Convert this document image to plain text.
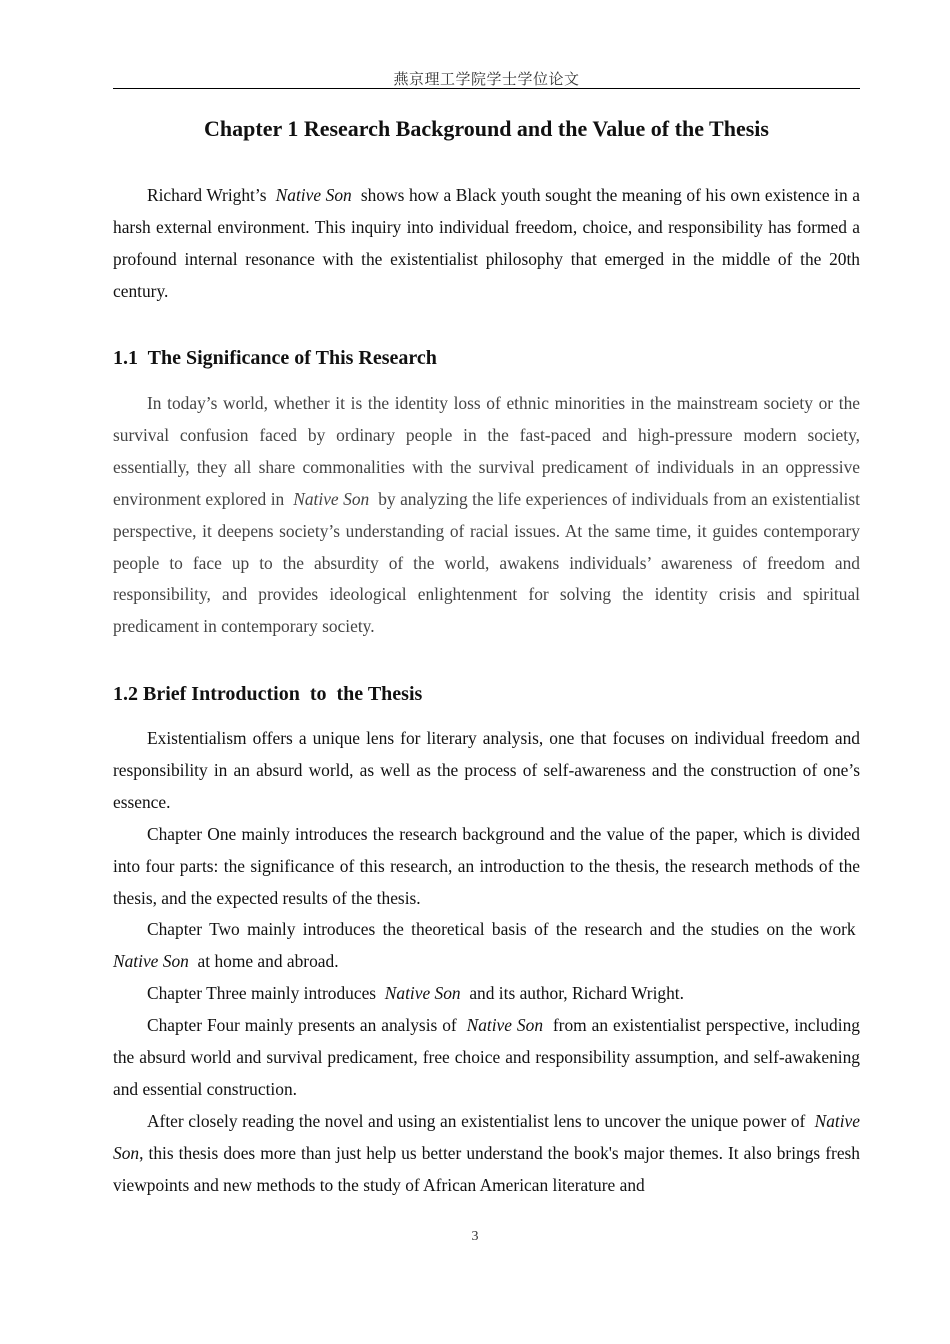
燕京理工学院学士学位论文
Chapter 1 Research Background and the Value of the Thesis

Richard Wright’s Native Son shows how a Black youth sought the meaning of his own existence in a harsh external environment. This inquiry into individual freedom, choice, and responsibility has formed a profound internal resonance with the existentialist philosophy that emerged in the middle of the 20th century.

1.1  The Significance of This Research

In today’s world, whether it is the identity loss of ethnic minorities in the mainstream society or the survival confusion faced by ordinary people in the fast-paced and high-pressure modern society, essentially, they all share commonalities with the survival predicament of individuals in an oppressive environment explored in Native Son by analyzing the life experiences of individuals from an existentialist perspective, it deepens society’s understanding of racial issues. At the same time, it guides contemporary people to face up to the absurdity of the world, awakens individuals’ awareness of freedom and responsibility, and provides ideological enlightenment for solving the identity crisis and spiritual predicament in contemporary society.

1.2 Brief Introduction  to  the Thesis

Existentialism offers a unique lens for literary analysis, one that focuses on individual freedom and responsibility in an absurd world, as well as the process of self-awareness and the construction of one’s essence.

Chapter One mainly introduces the research background and the value of the paper, which is divided into four parts: the significance of this research, an introduction to the thesis, the research methods of the thesis, and the expected results of the thesis.

Chapter Two mainly introduces the theoretical basis of the research and the studies on the work  Native Son at home and abroad.

Chapter Three mainly introduces Native Son and its author, Richard Wright.

Chapter Four mainly presents an analysis of Native Son from an existentialist perspective, including the absurd world and survival predicament, free choice and responsibility assumption, and self-awakening and essential construction.

After closely reading the novel and using an existentialist lens to uncover the unique power of Native Son, this thesis does more than just help us better understand the book's major themes. It also brings fresh viewpoints and new methods to the study of African American literature and

3
